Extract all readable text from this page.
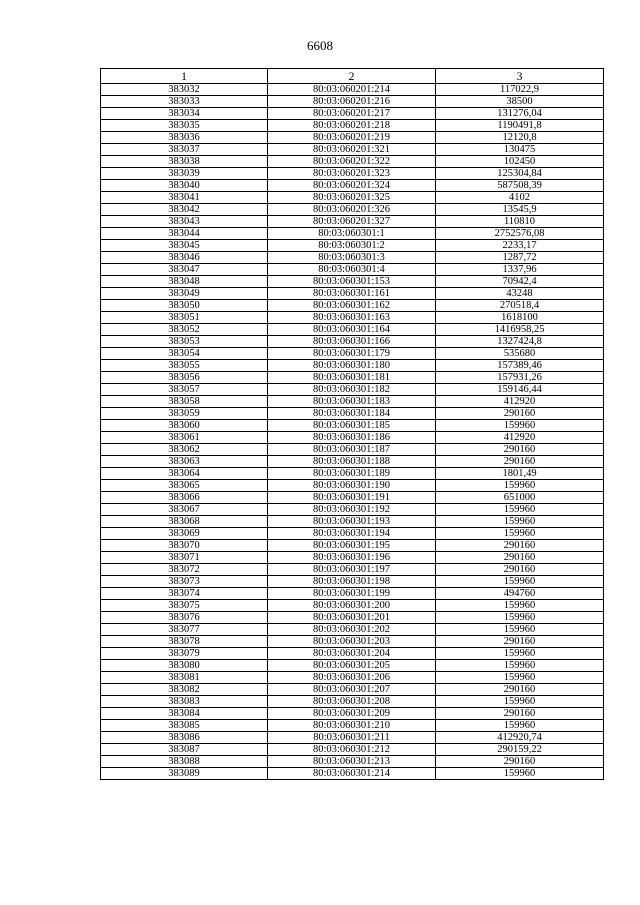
6608
1	2	3
383032	80:03:060201:214	117022,9
383033	80:03:060201:216	38500
383034	80:03:060201:217	131276,04
383035	80:03:060201:218	1190491,8
383036	80:03:060201:219	12120,8
383037	80:03:060201:321	130475
383038	80:03:060201:322	102450
383039	80:03:060201:323	125304,84
383040	80:03:060201:324	587508,39
383041	80:03:060201:325	4102
383042	80:03:060201:326	13545,9
383043	80:03:060201:327	110810
383044	80:03:060301:1	2752576,08
383045	80:03:060301:2	2233,17
383046	80:03:060301:3	1287,72
383047	80:03:060301:4	1337,96
383048	80:03:060301:153	70942,4
383049	80:03:060301:161	43248
383050	80:03:060301:162	270518,4
383051	80:03:060301:163	1618100
383052	80:03:060301:164	1416958,25
383053	80:03:060301:166	1327424,8
383054	80:03:060301:179	535680
383055	80:03:060301:180	157389,46
383056	80:03:060301:181	157931,26
383057	80:03:060301:182	159146,44
383058	80:03:060301:183	412920
383059	80:03:060301:184	290160
383060	80:03:060301:185	159960
383061	80:03:060301:186	412920
383062	80:03:060301:187	290160
383063	80:03:060301:188	290160
383064	80:03:060301:189	1801,49
383065	80:03:060301:190	159960
383066	80:03:060301:191	651000
383067	80:03:060301:192	159960
383068	80:03:060301:193	159960
383069	80:03:060301:194	159960
383070	80:03:060301:195	290160
383071	80:03:060301:196	290160
383072	80:03:060301:197	290160
383073	80:03:060301:198	159960
383074	80:03:060301:199	494760
383075	80:03:060301:200	159960
383076	80:03:060301:201	159960
383077	80:03:060301:202	159960
383078	80:03:060301:203	290160
383079	80:03:060301:204	159960
383080	80:03:060301:205	159960
383081	80:03:060301:206	159960
383082	80:03:060301:207	290160
383083	80:03:060301:208	159960
383084	80:03:060301:209	290160
383085	80:03:060301:210	159960
383086	80:03:060301:211	412920,74
383087	80:03:060301:212	290159,22
383088	80:03:060301:213	290160
383089	80:03:060301:214	159960
